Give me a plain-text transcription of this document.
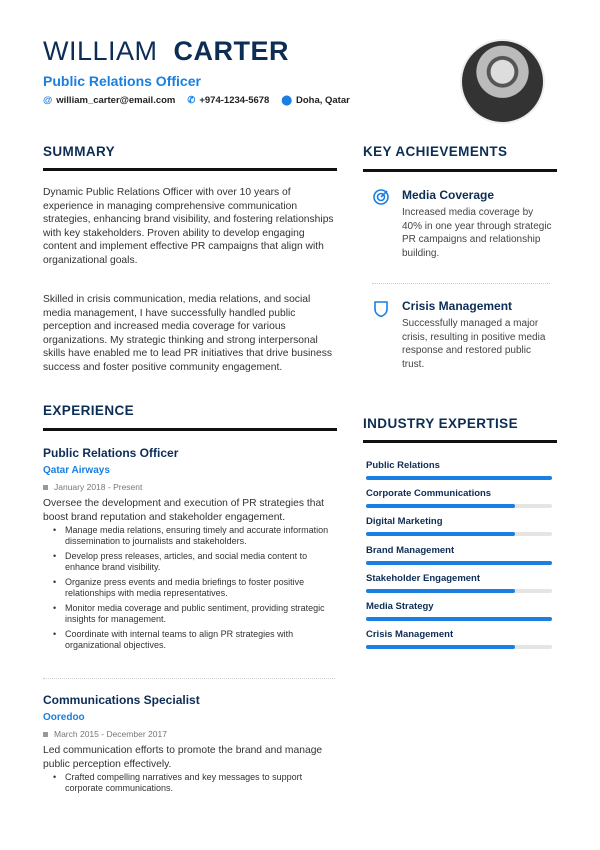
WILLIAM CARTER
Public Relations Officer
@ william_carter@email.com ✆ +974-1234-5678 ⬤ Doha, Qatar
SUMMARY
Dynamic Public Relations Officer with over 10 years of experience in managing comprehensive communication strategies, enhancing brand visibility, and fostering relationships with key stakeholders. Proven ability to develop engaging content and implement effective PR campaigns that align with organizational goals.
Skilled in crisis communication, media relations, and social media management, I have successfully handled public perception and increased media coverage for various organizations. My strategic thinking and strong interpersonal skills have enabled me to lead PR initiatives that drive business success and foster positive community engagement.
EXPERIENCE
Public Relations Officer
Qatar Airways
January 2018 - Present
Oversee the development and execution of PR strategies that boost brand reputation and stakeholder engagement.
• Manage media relations, ensuring timely and accurate information dissemination to journalists and stakeholders.
• Develop press releases, articles, and social media content to enhance brand visibility.
• Organize press events and media briefings to foster positive relationships with media representatives.
• Monitor media coverage and public sentiment, providing strategic insights for management.
• Coordinate with internal teams to align PR strategies with organizational objectives.
Communications Specialist
Ooredoo
March 2015 - December 2017
Led communication efforts to promote the brand and manage public perception effectively.
• Crafted compelling narratives and key messages to support corporate communications.
KEY ACHIEVEMENTS
Media Coverage
Increased media coverage by 40% in one year through strategic PR campaigns and relationship building.
Crisis Management
Successfully managed a major crisis, resulting in positive media response and restored public trust.
INDUSTRY EXPERTISE
Public Relations
Corporate Communications
Digital Marketing
Brand Management
Stakeholder Engagement
Media Strategy
Crisis Management
